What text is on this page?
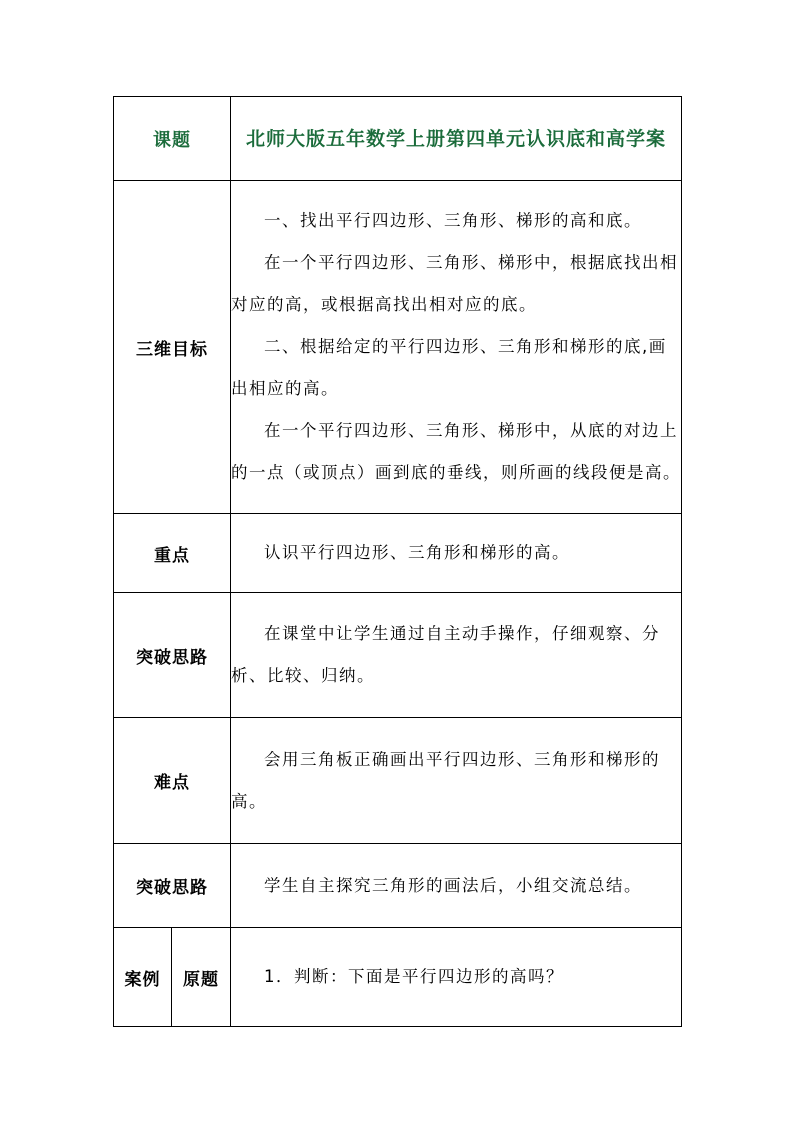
课题		北师大版五年数学上册第四单元认识底和高学案
三维目标		一、找出平行四边形、三角形、梯形的高和底。

在一个平行四边形、三角形、梯形中，根据底找出相对应的高，或根据高找出相对应的底。

二、根据给定的平行四边形、三角形和梯形的底,画出相应的高。

在一个平行四边形、三角形、梯形中，从底的对边上的一点（或顶点）画到底的垂线，则所画的线段便是高。

重点		认识平行四边形、三角形和梯形的高。

突破思路		在课堂中让学生通过自主动手操作，仔细观察、分析、比较、归纳。

难点		会用三角板正确画出平行四边形、三角形和梯形的高。

突破思路		学生自主探究三角形的画法后，小组交流总结。

案例	原题	1．判断：下面是平行四边形的高吗？
